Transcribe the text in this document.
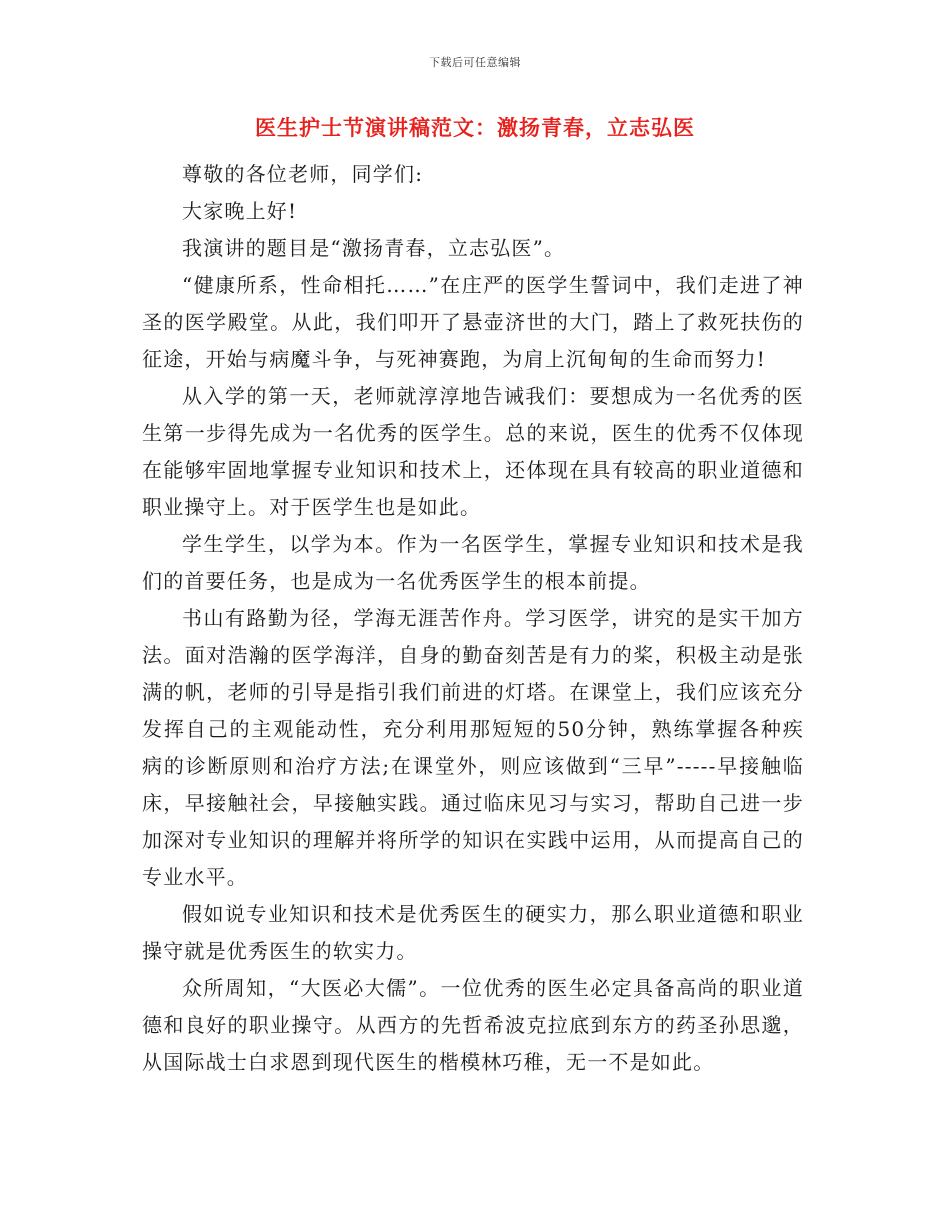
下载后可任意编辑
医生护士节演讲稿范文：激扬青春，立志弘医

尊敬的各位老师，同学们:

大家晚上好!

我演讲的题目是“激扬青春，立志弘医”。

“健康所系，性命相托……”在庄严的医学生誓词中，我们走进了神圣的医学殿堂。从此，我们叩开了悬壶济世的大门，踏上了救死扶伤的征途，开始与病魔斗争，与死神赛跑，为肩上沉甸甸的生命而努力!

从入学的第一天，老师就淳淳地告诫我们：要想成为一名优秀的医生第一步得先成为一名优秀的医学生。总的来说，医生的优秀不仅体现在能够牢固地掌握专业知识和技术上，还体现在具有较高的职业道德和职业操守上。对于医学生也是如此。

学生学生，以学为本。作为一名医学生，掌握专业知识和技术是我们的首要任务，也是成为一名优秀医学生的根本前提。

书山有路勤为径，学海无涯苦作舟。学习医学，讲究的是实干加方法。面对浩瀚的医学海洋，自身的勤奋刻苦是有力的桨，积极主动是张满的帆，老师的引导是指引我们前进的灯塔。在课堂上，我们应该充分发挥自己的主观能动性，充分利用那短短的50分钟，熟练掌握各种疾病的诊断原则和治疗方法;在课堂外，则应该做到“三早”-----早接触临床，早接触社会，早接触实践。通过临床见习与实习，帮助自己进一步加深对专业知识的理解并将所学的知识在实践中运用，从而提高自己的专业水平。

假如说专业知识和技术是优秀医生的硬实力，那么职业道德和职业操守就是优秀医生的软实力。

众所周知，“大医必大儒”。一位优秀的医生必定具备高尚的职业道德和良好的职业操守。从西方的先哲希波克拉底到东方的药圣孙思邈，从国际战士白求恩到现代医生的楷模林巧稚，无一不是如此。
